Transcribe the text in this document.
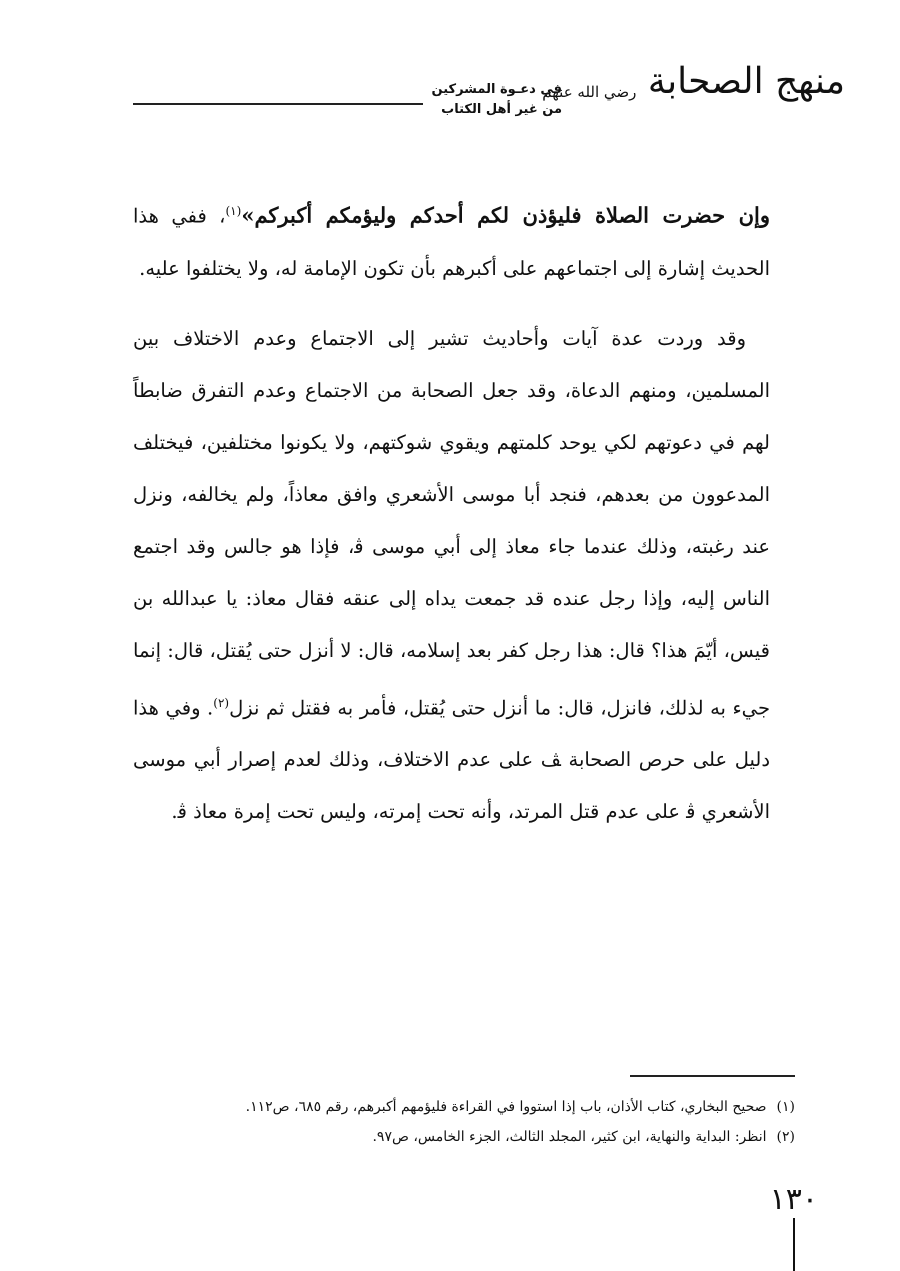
في دعـوة المشركين
من غير أهل الكتاب
منهج الصحابة $^{رضي الله عنهم}$

وإن حضرت الصلاة فليؤذن لكم أحدكم وليؤمكم أكبركم»$^{(١)}$، ففي هذا الحديث إشارة إلى اجتماعهم على أكبرهم بأن تكون الإمامة له، ولا يختلفوا عليه.

وقد وردت عدة آيات وأحاديث تشير إلى الاجتماع وعدم الاختلاف بين المسلمين، ومنهم الدعاة، وقد جعل الصحابة من الاجتماع وعدم التفرق ضابطاً لهم في دعوتهم لكي يوحد كلمتهم ويقوي شوكتهم، ولا يكونوا مختلفين، فيختلف المدعوون من بعدهم، فنجد أبا موسى الأشعري وافق معاذاً، ولم يخالفه، ونزل عند رغبته، وذلك عندما جاء معاذ إلى أبي موسى ﭬ، فإذا هو جالس وقد اجتمع الناس إليه، وإذا رجل عنده قد جمعت يداه إلى عنقه فقال معاذ: يا عبدالله بن قيس، أيّمَ هذا؟ قال: هذا رجل كفر بعد إسلامه، قال: لا أنزل حتى يُقتل، قال: إنما جيء به لذلك، فانزل، قال: ما أنزل حتى يُقتل، فأمر به فقتل ثم نزل$^{(٢)}$. وفي هذا دليل على حرص الصحابة ﭫ على عدم الاختلاف، وذلك لعدم إصرار أبي موسى الأشعري ﭬ على عدم قتل المرتد، وأنه تحت إمرته، وليس تحت إمرة معاذ ﭬ.

(١)صحيح البخاري، كتاب الأذان، باب إذا استووا في القراءة فليؤمهم أكبرهم، رقم ٦٨٥، ص١١٢.
(٢)انظر: البداية والنهاية، ابن كثير، المجلد الثالث، الجزء الخامس، ص٩٧.
١٣٠
